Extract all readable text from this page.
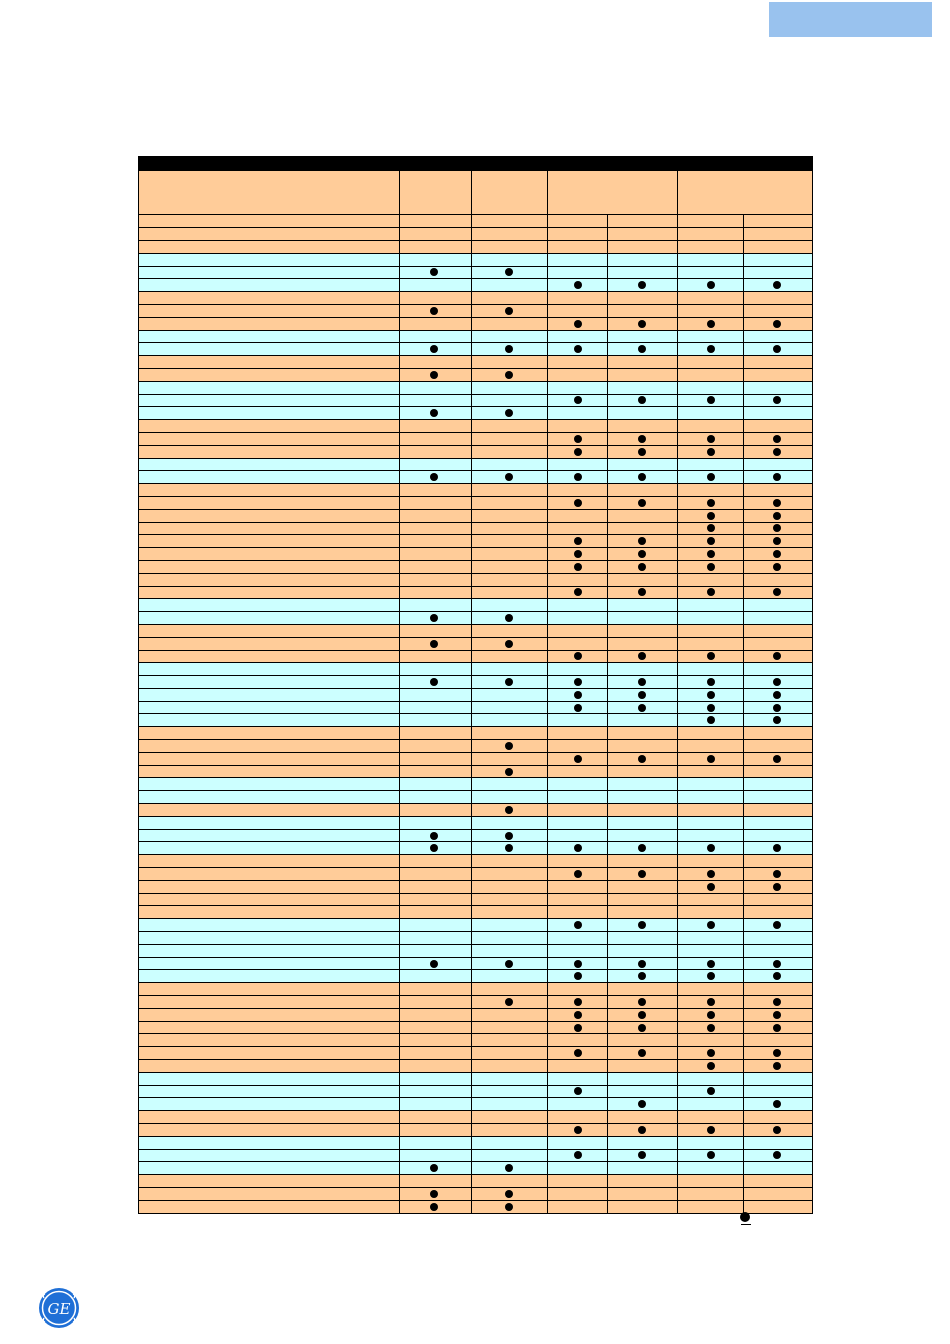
GE
